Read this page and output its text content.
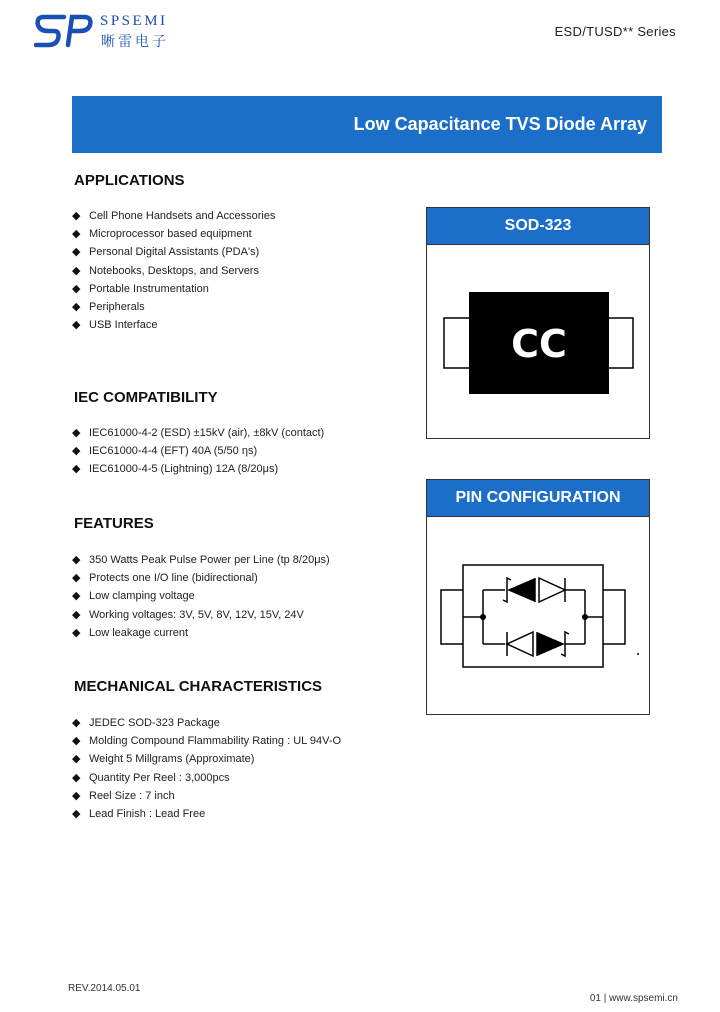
SPSEMI
晰雷电子
ESD/TUSD** Series
Low Capacitance TVS Diode Array
APPLICATIONS
◆ Cell Phone Handsets and Accessories
◆ Microprocessor based equipment
◆ Personal Digital Assistants (PDA's)
◆ Notebooks, Desktops, and Servers
◆ Portable Instrumentation
◆ Peripherals
◆ USB Interface
IEC COMPATIBILITY
◆ IEC61000-4-2 (ESD) ±15kV (air), ±8kV (contact)
◆ IEC61000-4-4 (EFT) 40A (5/50 ηs)
◆ IEC61000-4-5 (Lightning) 12A (8/20μs)
FEATURES
◆ 350 Watts Peak Pulse Power per Line (tp 8/20μs)
◆ Protects one I/O line (bidirectional)
◆ Low clamping voltage
◆ Working voltages: 3V, 5V, 8V, 12V, 15V, 24V
◆ Low leakage current
MECHANICAL CHARACTERISTICS
◆ JEDEC SOD-323 Package
◆ Molding Compound Flammability Rating : UL 94V-O
◆ Weight 5 Millgrams (Approximate)
◆ Quantity Per Reel : 3,000pcs
◆ Reel Size : 7 inch
◆ Lead Finish : Lead Free
SOD-323
CC
PIN CONFIGURATION
REV.2014.05.01
01 | www.spsemi.cn
